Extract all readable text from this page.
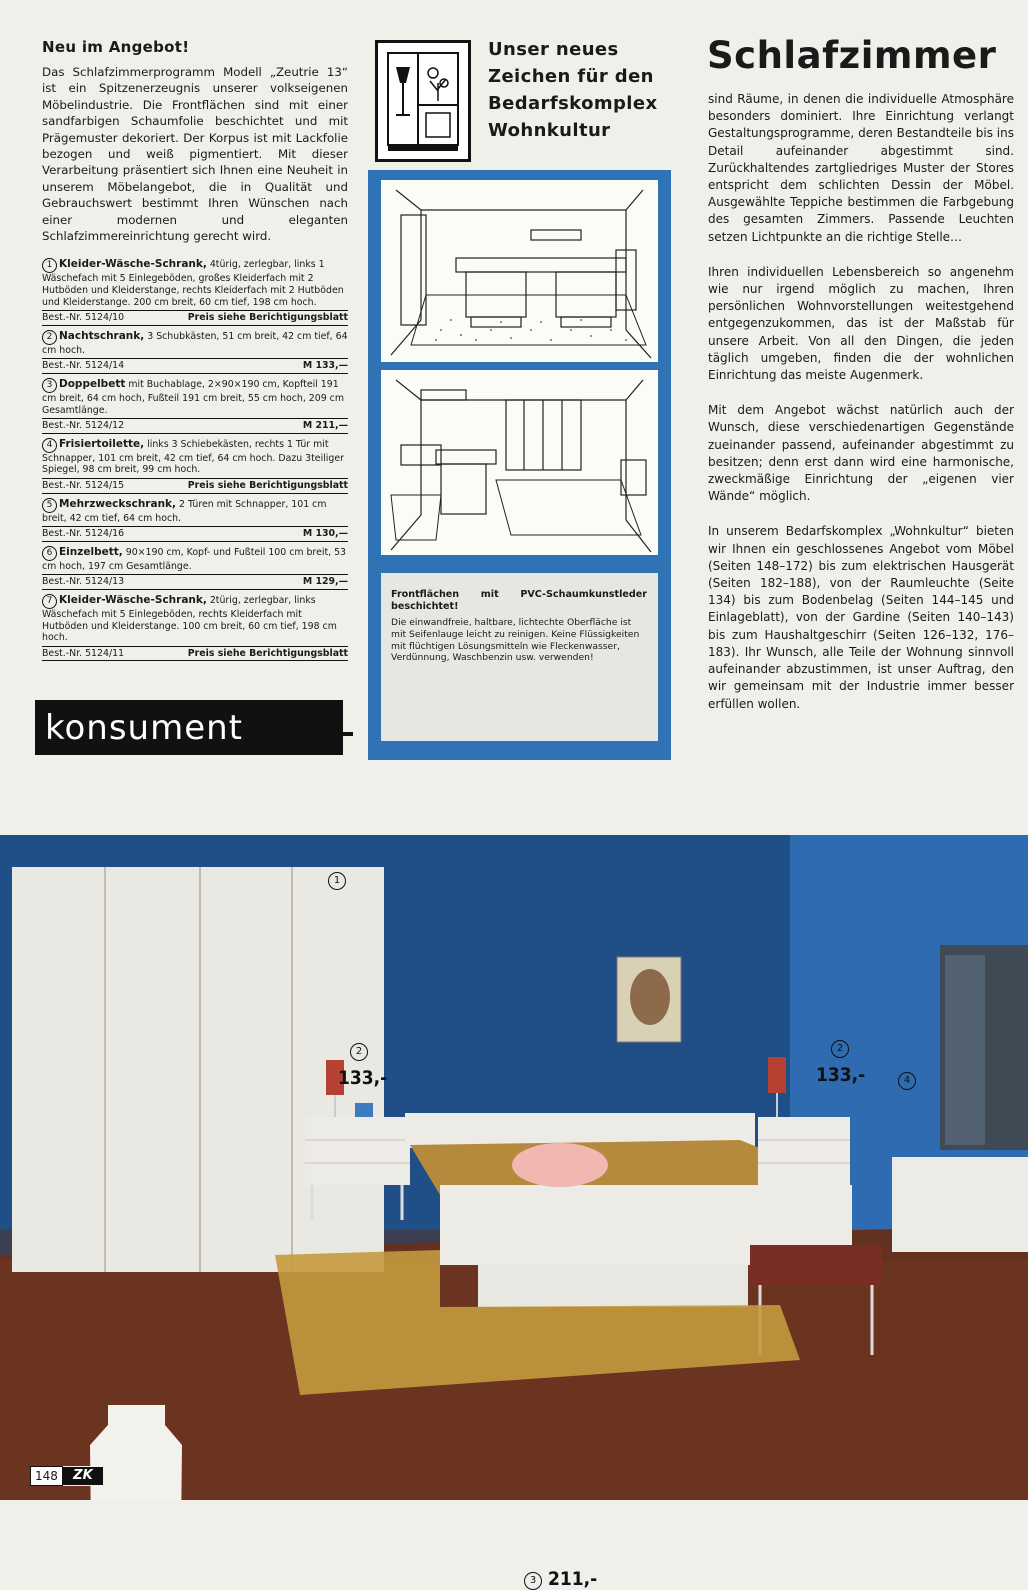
Neu im Angebot!

Das Schlafzimmerprogramm Modell „Zeutrie 13“ ist ein Spitzenerzeugnis unserer volkseigenen Möbelindustrie. Die Frontflächen sind mit einer sandfarbigen Schaumfolie beschichtet und mit Prägemuster dekoriert. Der Korpus ist mit Lackfolie bezogen und weiß pigmentiert. Mit dieser Verarbeitung präsentiert sich Ihnen eine Neuheit in unserem Möbelangebot, die in Qualität und Gebrauchswert bestimmt Ihren Wünschen nach einer modernen und eleganten Schlafzimmereinrichtung gerecht wird.

1 Kleider-Wäsche-Schrank, 4türig, zerlegbar, links 1 Wäschefach mit 5 Einlegeböden, großes Kleiderfach mit 2 Hutböden und Kleiderstange, rechts Kleiderfach mit 2 Hutböden und Kleiderstange. 200 cm breit, 60 cm tief, 198 cm hoch.
Best.-Nr. 5124/10	Preis siehe Berichtigungsblatt
2 Nachtschrank, 3 Schubkästen, 51 cm breit, 42 cm tief, 64 cm hoch.
Best.-Nr. 5124/14	M 133,—
3 Doppelbett mit Buchablage, 2×90×190 cm, Kopfteil 191 cm breit, 64 cm hoch, Fußteil 191 cm breit, 55 cm hoch, 209 cm Gesamtlänge.
Best.-Nr. 5124/12	M 211,—
4 Frisiertoilette, links 3 Schiebekästen, rechts 1 Tür mit Schnapper, 101 cm breit, 42 cm tief, 64 cm hoch. Dazu 3teiliger Spiegel, 98 cm breit, 99 cm hoch.
Best.-Nr. 5124/15	Preis siehe Berichtigungsblatt
5 Mehrzweckschrank, 2 Türen mit Schnapper, 101 cm breit, 42 cm tief, 64 cm hoch.
Best.-Nr. 5124/16	M 130,—
6 Einzelbett, 90×190 cm, Kopf- und Fußteil 100 cm breit, 53 cm hoch, 197 cm Gesamtlänge.
Best.-Nr. 5124/13	M 129,—
7 Kleider-Wäsche-Schrank, 2türig, zerlegbar, links Wäschefach mit 5 Einlegeböden, rechts Kleiderfach mit Hutböden und Kleiderstange. 100 cm breit, 60 cm tief, 198 cm hoch.
Best.-Nr. 5124/11	Preis siehe Berichtigungsblatt
konsument
Unser neues Zeichen für den Bedarfskomplex Wohnkultur
Frontflächen mit PVC-Schaumkunstleder beschichtet!
Die einwandfreie, haltbare, lichtechte Oberfläche ist mit Seifenlauge leicht zu reinigen. Keine Flüssigkeiten mit flüchtigen Lösungsmitteln wie Fleckenwasser, Verdünnung, Waschbenzin usw. verwenden!
Schlafzimmer

sind Räume, in denen die individuelle Atmosphäre besonders dominiert. Ihre Einrichtung verlangt Gestaltungsprogramme, deren Bestandteile bis ins Detail aufeinander abgestimmt sind. Zurückhaltendes zartgliedriges Muster der Stores entspricht dem schlichten Dessin der Möbel. Ausgewählte Teppiche bestimmen die Farbgebung des gesamten Zimmers. Passende Leuchten setzen Lichtpunkte an die richtige Stelle…

Ihren individuellen Lebensbereich so angenehm wie nur irgend möglich zu machen, Ihren persönlichen Wohnvorstellungen weitestgehend entgegenzukommen, das ist der Maßstab für unsere Arbeit. Von all den Dingen, die jeden täglich umgeben, finden die der wohnlichen Einrichtung das meiste Augenmerk.

Mit dem Angebot wächst natürlich auch der Wunsch, diese verschiedenartigen Gegenstände zueinander passend, aufeinander abgestimmt zu besitzen; denn erst dann wird eine harmonische, zweckmäßige Einrichtung der „eigenen vier Wände“ möglich.

In unserem Bedarfskomplex „Wohnkultur“ bieten wir Ihnen ein geschlossenes Angebot vom Möbel (Seiten 148–172) bis zum elektrischen Hausgerät (Seiten 182–188), von der Raumleuchte (Seite 134) bis zum Bodenbelag (Seiten 144–145 und Einlageblatt), von der Gardine (Seiten 140–143) bis zum Haushaltgeschirr (Seiten 126–132, 176–183). Ihr Wunsch, alle Teile der Wohnung sinnvoll aufeinander abzustimmen, ist unser Auftrag, den wir gemeinsam mit der Industrie immer besser erfüllen wollen.

1
2
133,-
2
133,-	4
3 211,-
148	ZK
